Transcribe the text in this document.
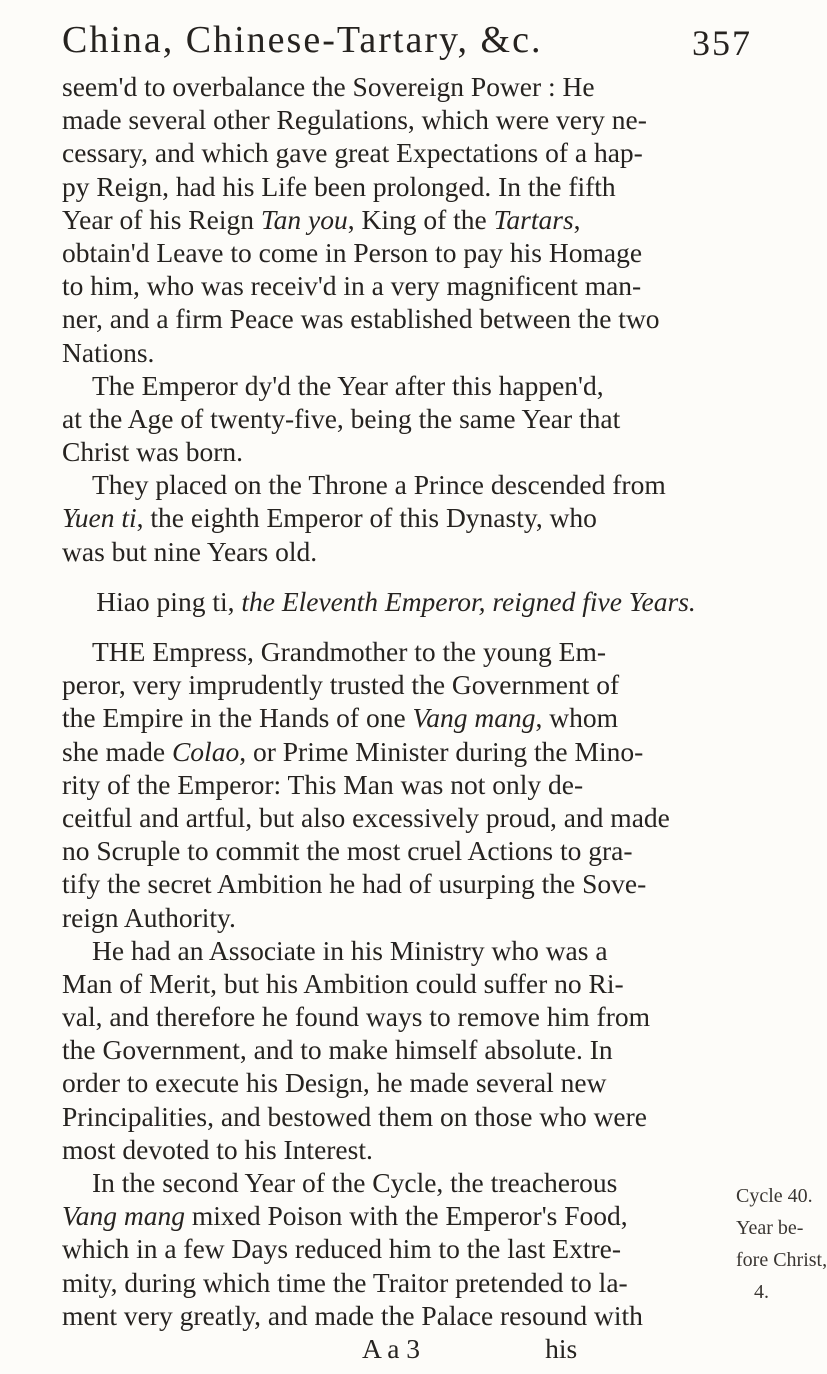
China, Chinese-Tartary, &c.	357
seem'd to overbalance the Sovereign Power : He
made several other Regulations, which were very ne-
cessary, and which gave great Expectations of a hap-
py Reign, had his Life been prolonged. In the fifth
Year of his Reign Tan you, King of the Tartars,
obtain'd Leave to come in Person to pay his Homage
to him, who was receiv'd in a very magnificent man-
ner, and a firm Peace was established between the two
Nations.
The Emperor dy'd the Year after this happen'd,
at the Age of twenty-five, being the same Year that
Christ was born.
They placed on the Throne a Prince descended from
Yuen ti, the eighth Emperor of this Dynasty, who
was but nine Years old.
Hiao ping ti, the Eleventh Emperor, reigned five Years.
THE Empress, Grandmother to the young Em-
peror, very imprudently trusted the Government of
the Empire in the Hands of one Vang mang, whom
she made Colao, or Prime Minister during the Mino-
rity of the Emperor: This Man was not only de-
ceitful and artful, but also excessively proud, and made
no Scruple to commit the most cruel Actions to gra-
tify the secret Ambition he had of usurping the Sove-
reign Authority.
He had an Associate in his Ministry who was a
Man of Merit, but his Ambition could suffer no Ri-
val, and therefore he found ways to remove him from
the Government, and to make himself absolute. In
order to execute his Design, he made several new
Principalities, and bestowed them on those who were
most devoted to his Interest.
In the second Year of the Cycle, the treacherous
Vang mang mixed Poison with the Emperor's Food,
which in a few Days reduced him to the last Extre-
mity, during which time the Traitor pretended to la-
ment very greatly, and made the Palace resound with
A a 3	his
Cycle 40.
Year be-
fore Christ,
4.
